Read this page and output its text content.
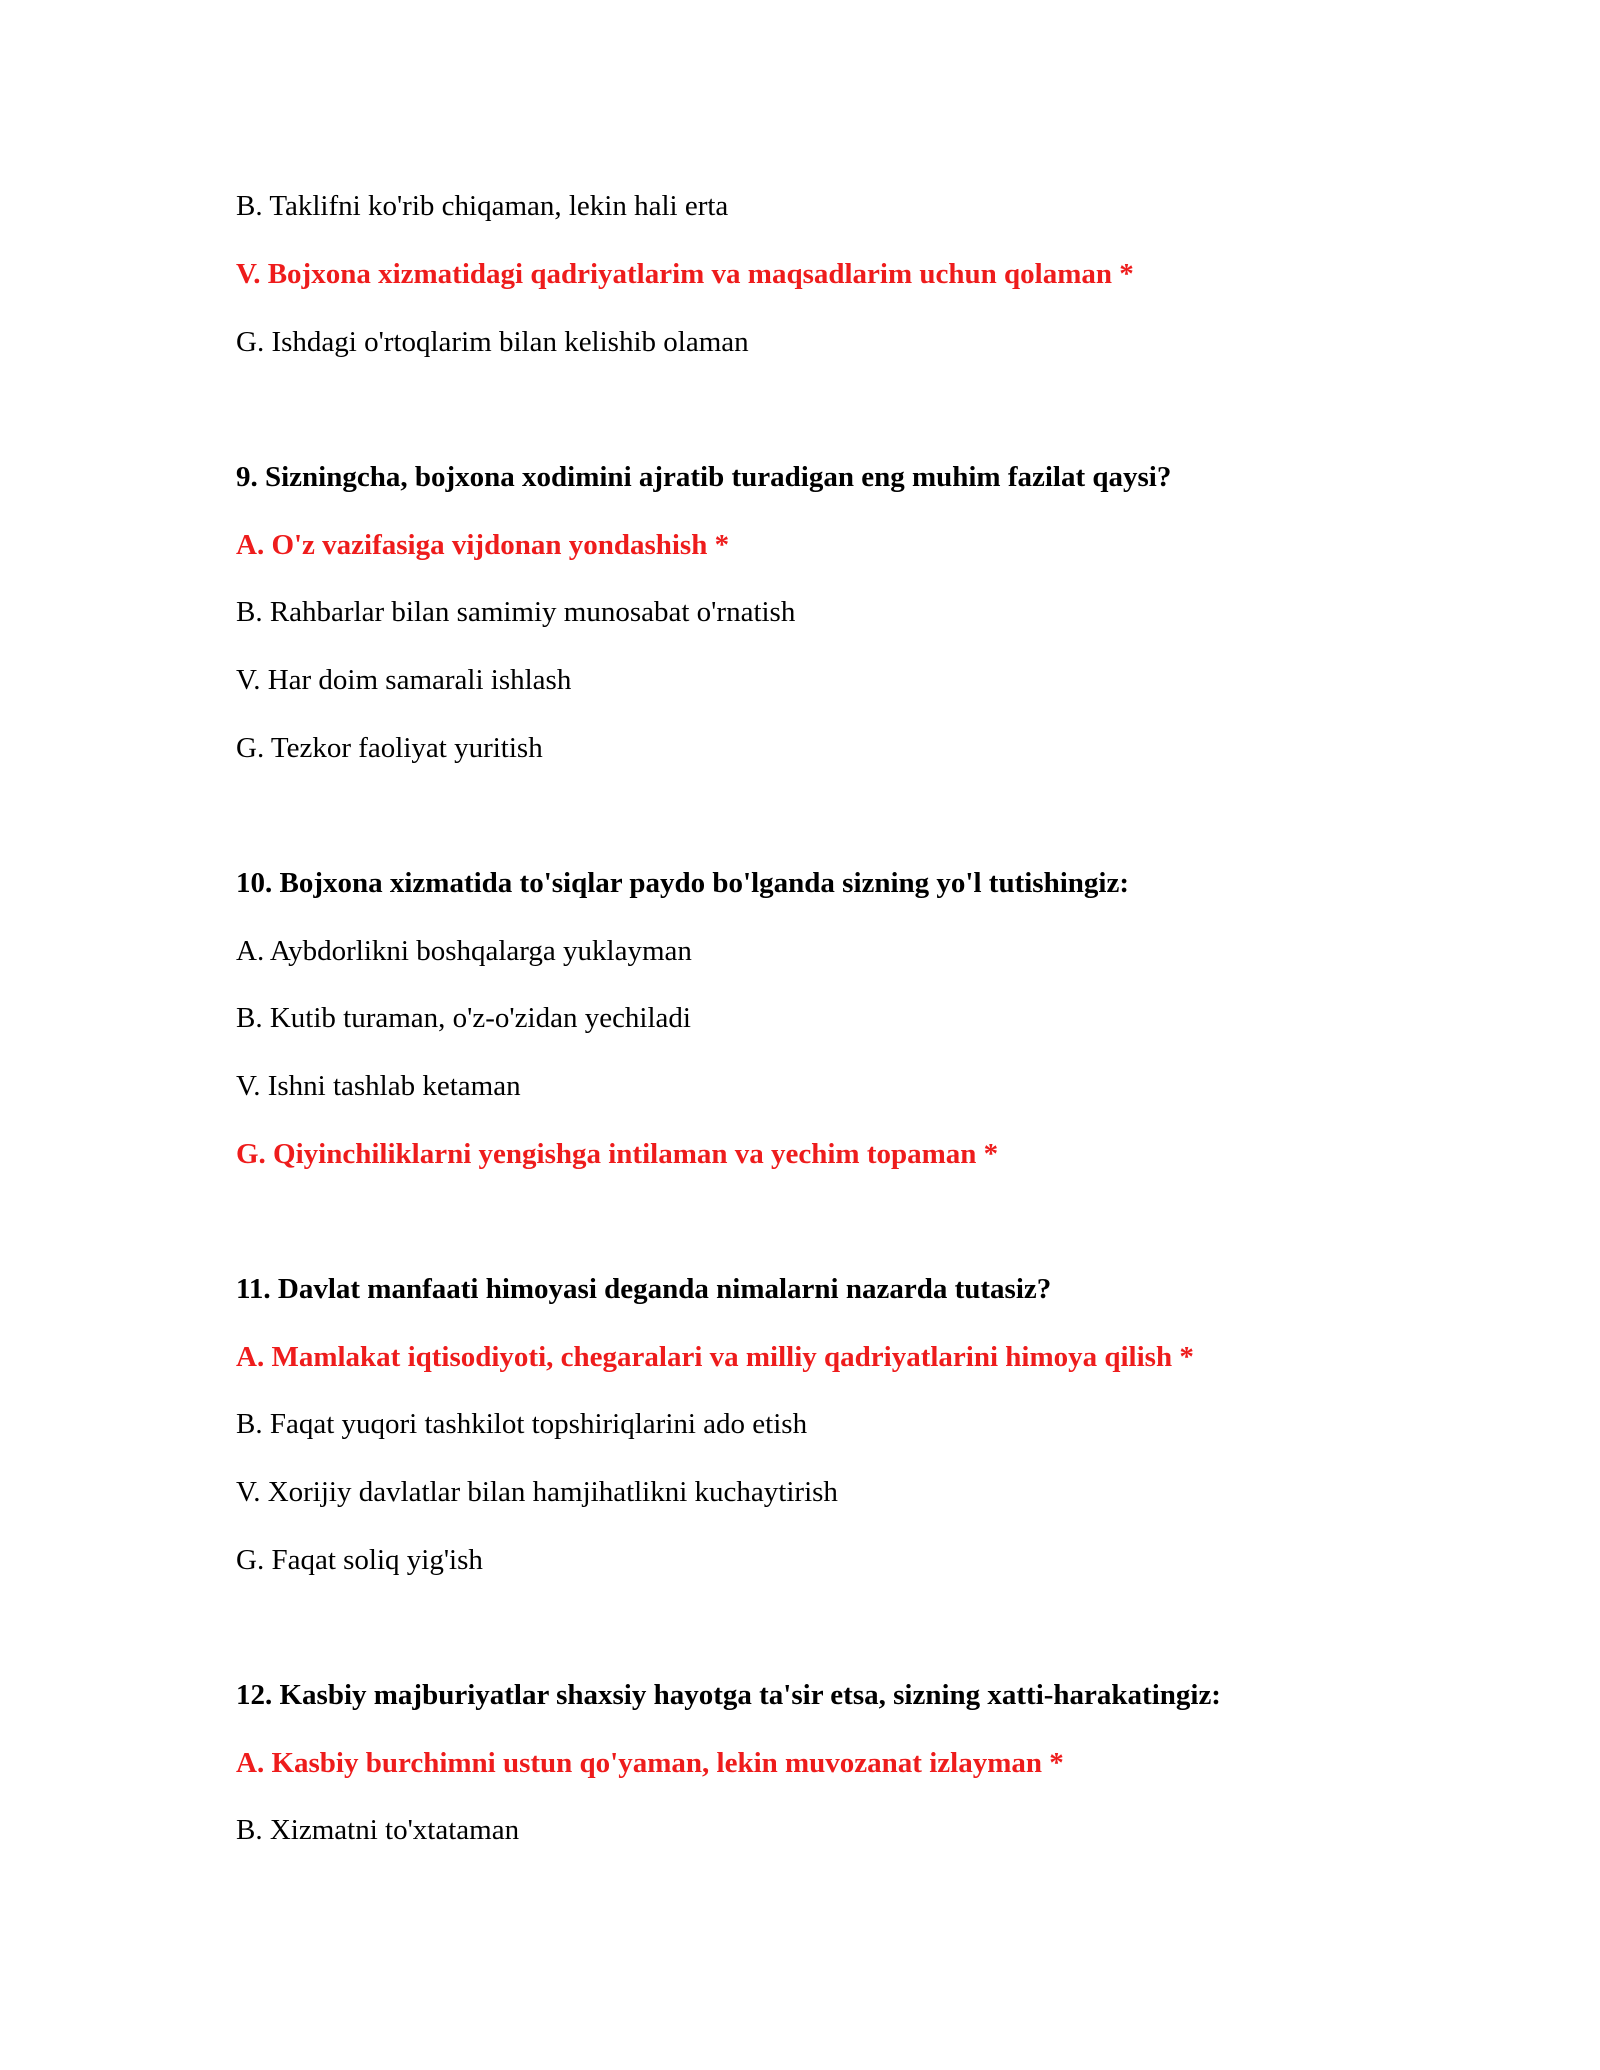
B. Taklifni ko'rib chiqaman, lekin hali erta

V. Bojxona xizmatidagi qadriyatlarim va maqsadlarim uchun qolaman *

G. Ishdagi o'rtoqlarim bilan kelishib olaman

9. Sizningcha, bojxona xodimini ajratib turadigan eng muhim fazilat qaysi?

A. O'z vazifasiga vijdonan yondashish *

B. Rahbarlar bilan samimiy munosabat o'rnatish

V. Har doim samarali ishlash

G. Tezkor faoliyat yuritish

10. Bojxona xizmatida to'siqlar paydo bo'lganda sizning yo'l tutishingiz:

A. Aybdorlikni boshqalarga yuklayman

B. Kutib turaman, o'z-o'zidan yechiladi

V. Ishni tashlab ketaman

G. Qiyinchiliklarni yengishga intilaman va yechim topaman *

11. Davlat manfaati himoyasi deganda nimalarni nazarda tutasiz?

A. Mamlakat iqtisodiyoti, chegaralari va milliy qadriyatlarini himoya qilish *

B. Faqat yuqori tashkilot topshiriqlarini ado etish

V. Xorijiy davlatlar bilan hamjihatlikni kuchaytirish

G. Faqat soliq yig'ish

12. Kasbiy majburiyatlar shaxsiy hayotga ta'sir etsa, sizning xatti-harakatingiz:

A. Kasbiy burchimni ustun qo'yaman, lekin muvozanat izlayman *

B. Xizmatni to'xtataman
